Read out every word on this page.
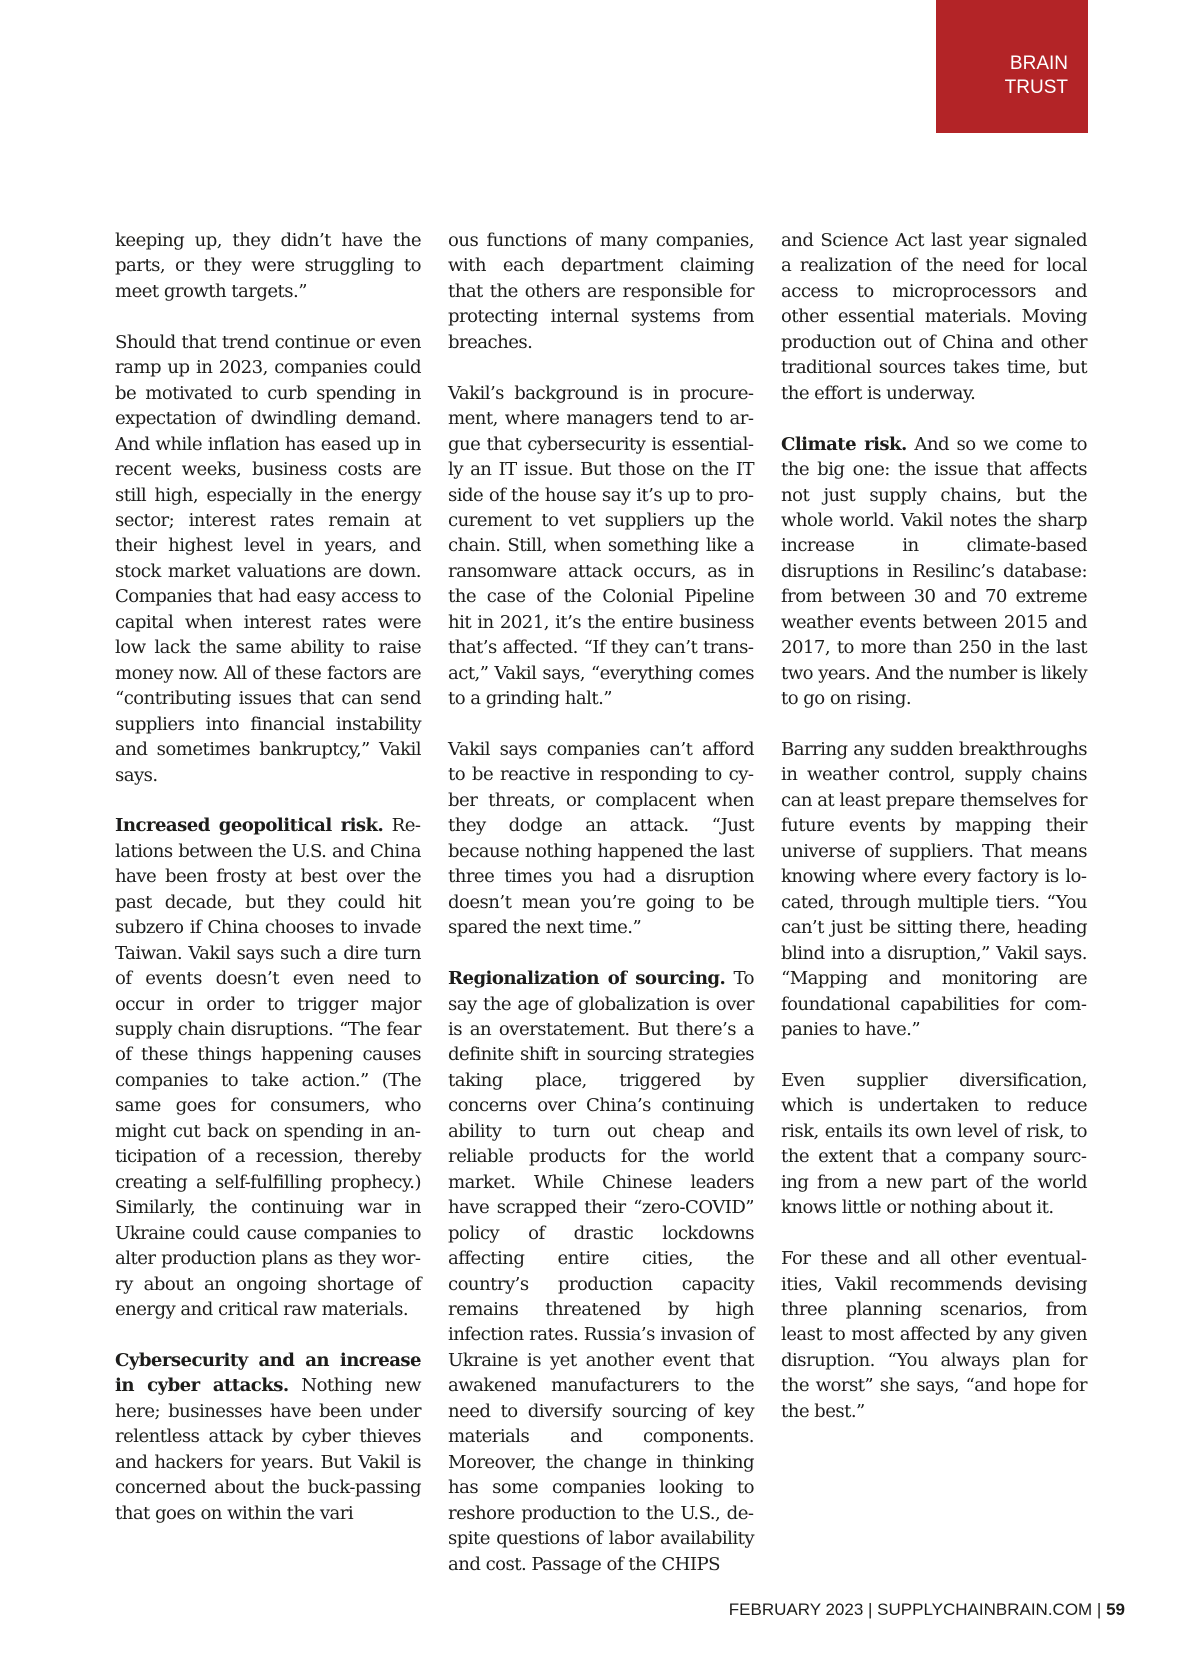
BRAIN
TRUST

keeping up, they didn’t have the parts, or they were struggling to meet growth targets.”

Should that trend continue or even ramp up in 2023, companies could be motivated to curb spending in expectation of dwindling demand. And while inflation has eased up in recent weeks, business costs are still high, especially in the energy sector; interest rates remain at their highest level in years, and stock market valuations are down. Companies that had easy access to capital when interest rates were low lack the same ability to raise money now. All of these factors are “contributing issues that can send suppliers into financial instability and sometimes bankruptcy,” Vakil says.

Increased geopolitical risk. Relations between the U.S. and China have been frosty at best over the past decade, but they could hit subzero if China chooses to invade Taiwan. Vakil says such a dire turn of events doesn’t even need to occur in order to trigger major supply chain disruptions. “The fear of these things happening causes companies to take action.” (The same goes for consumers, who might cut back on spending in anticipation of a recession, thereby creating a self-fulfilling prophecy.) Similarly, the continuing war in Ukraine could cause companies to alter production plans as they worry about an ongoing shortage of energy and critical raw materials.

Cybersecurity and an increase in cyber attacks. Nothing new here; businesses have been under relentless attack by cyber thieves and hackers for years. But Vakil is concerned about the buck-passing that goes on within the vari

ous functions of many companies, with each department claiming that the others are responsible for protecting internal systems from breaches.

Vakil’s background is in procurement, where managers tend to argue that cybersecurity is essentially an IT issue. But those on the IT side of the house say it’s up to procurement to vet suppliers up the chain. Still, when something like a ransomware attack occurs, as in the case of the Colonial Pipeline hit in 2021, it’s the entire business that’s affected. “If they can’t transact,” Vakil says, “everything comes to a grinding halt.”

Vakil says companies can’t afford to be reactive in responding to cyber threats, or complacent when they dodge an attack. “Just because nothing happened the last three times you had a disruption doesn’t mean you’re going to be spared the next time.”

Regionalization of sourcing. To say the age of globalization is over is an overstatement. But there’s a definite shift in sourcing strategies taking place, triggered by concerns over China’s continuing ability to turn out cheap and reliable products for the world market. While Chinese leaders have scrapped their “zero-COVID” policy of drastic lockdowns affecting entire cities, the country’s production capacity remains threatened by high infection rates. Russia’s invasion of Ukraine is yet another event that awakened manufacturers to the need to diversify sourcing of key materials and components. Moreover, the change in thinking has some companies looking to reshore production to the U.S., despite questions of labor availability and cost. Passage of the CHIPS

and Science Act last year signaled a realization of the need for local access to microprocessors and other essential materials. Moving production out of China and other traditional sources takes time, but the effort is underway.

Climate risk. And so we come to the big one: the issue that affects not just supply chains, but the whole world. Vakil notes the sharp increase in climate-based disruptions in Resilinc’s database: from between 30 and 70 extreme weather events between 2015 and 2017, to more than 250 in the last two years. And the number is likely to go on rising.

Barring any sudden breakthroughs in weather control, supply chains can at least prepare themselves for future events by mapping their universe of suppliers. That means knowing where every factory is located, through multiple tiers. “You can’t just be sitting there, heading blind into a disruption,” Vakil says. “Mapping and monitoring are foundational capabilities for companies to have.”

Even supplier diversification, which is undertaken to reduce risk, entails its own level of risk, to the extent that a company sourcing from a new part of the world knows little or nothing about it.

For these and all other eventualities, Vakil recommends devising three planning scenarios, from least to most affected by any given disruption. “You always plan for the worst” she says, “and hope for the best.”

FEBRUARY 2023 | SUPPLYCHAINBRAIN.COM | 59
